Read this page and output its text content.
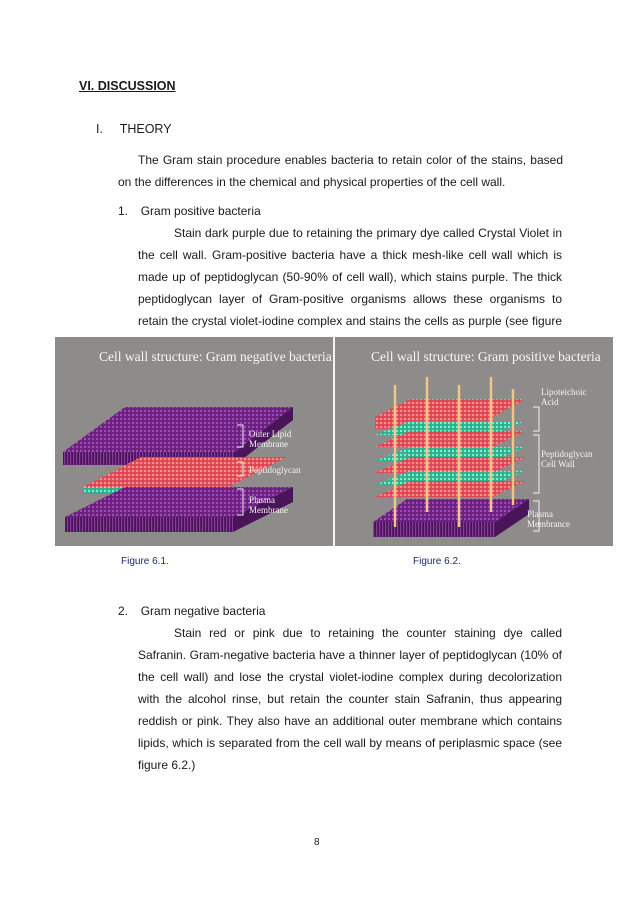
VI. DISCUSSION
I. THEORY
The Gram stain procedure enables bacteria to retain color of the stains, based on the differences in the chemical and physical properties of the cell wall.
1. Gram positive bacteria
Stain dark purple due to retaining the primary dye called Crystal Violet in the cell wall. Gram-positive bacteria have a thick mesh-like cell wall which is made up of peptidoglycan (50-90% of cell wall), which stains purple. The thick peptidoglycan layer of Gram-positive organisms allows these organisms to retain the crystal violet-iodine complex and stains the cells as purple (see figure
Cell wall structure: Gram negative bacteria	Cell wall structure: Gram positive bacteria
Outer Lipid
Membrane
Peptidoglycan
Plasma
Membrane
Lipoteichoic
Acid
Peptidoglycan
Cell Wall
Plasma
Membrance
Figure 6.1.	Figure 6.2.
2. Gram negative bacteria
Stain red or pink due to retaining the counter staining dye called Safranin. Gram-negative bacteria have a thinner layer of peptidoglycan (10% of the cell wall) and lose the crystal violet-iodine complex during decolorization with the alcohol rinse, but retain the counter stain Safranin, thus appearing reddish or pink. They also have an additional outer membrane which contains lipids, which is separated from the cell wall by means of periplasmic space (see figure 6.2.)
8
